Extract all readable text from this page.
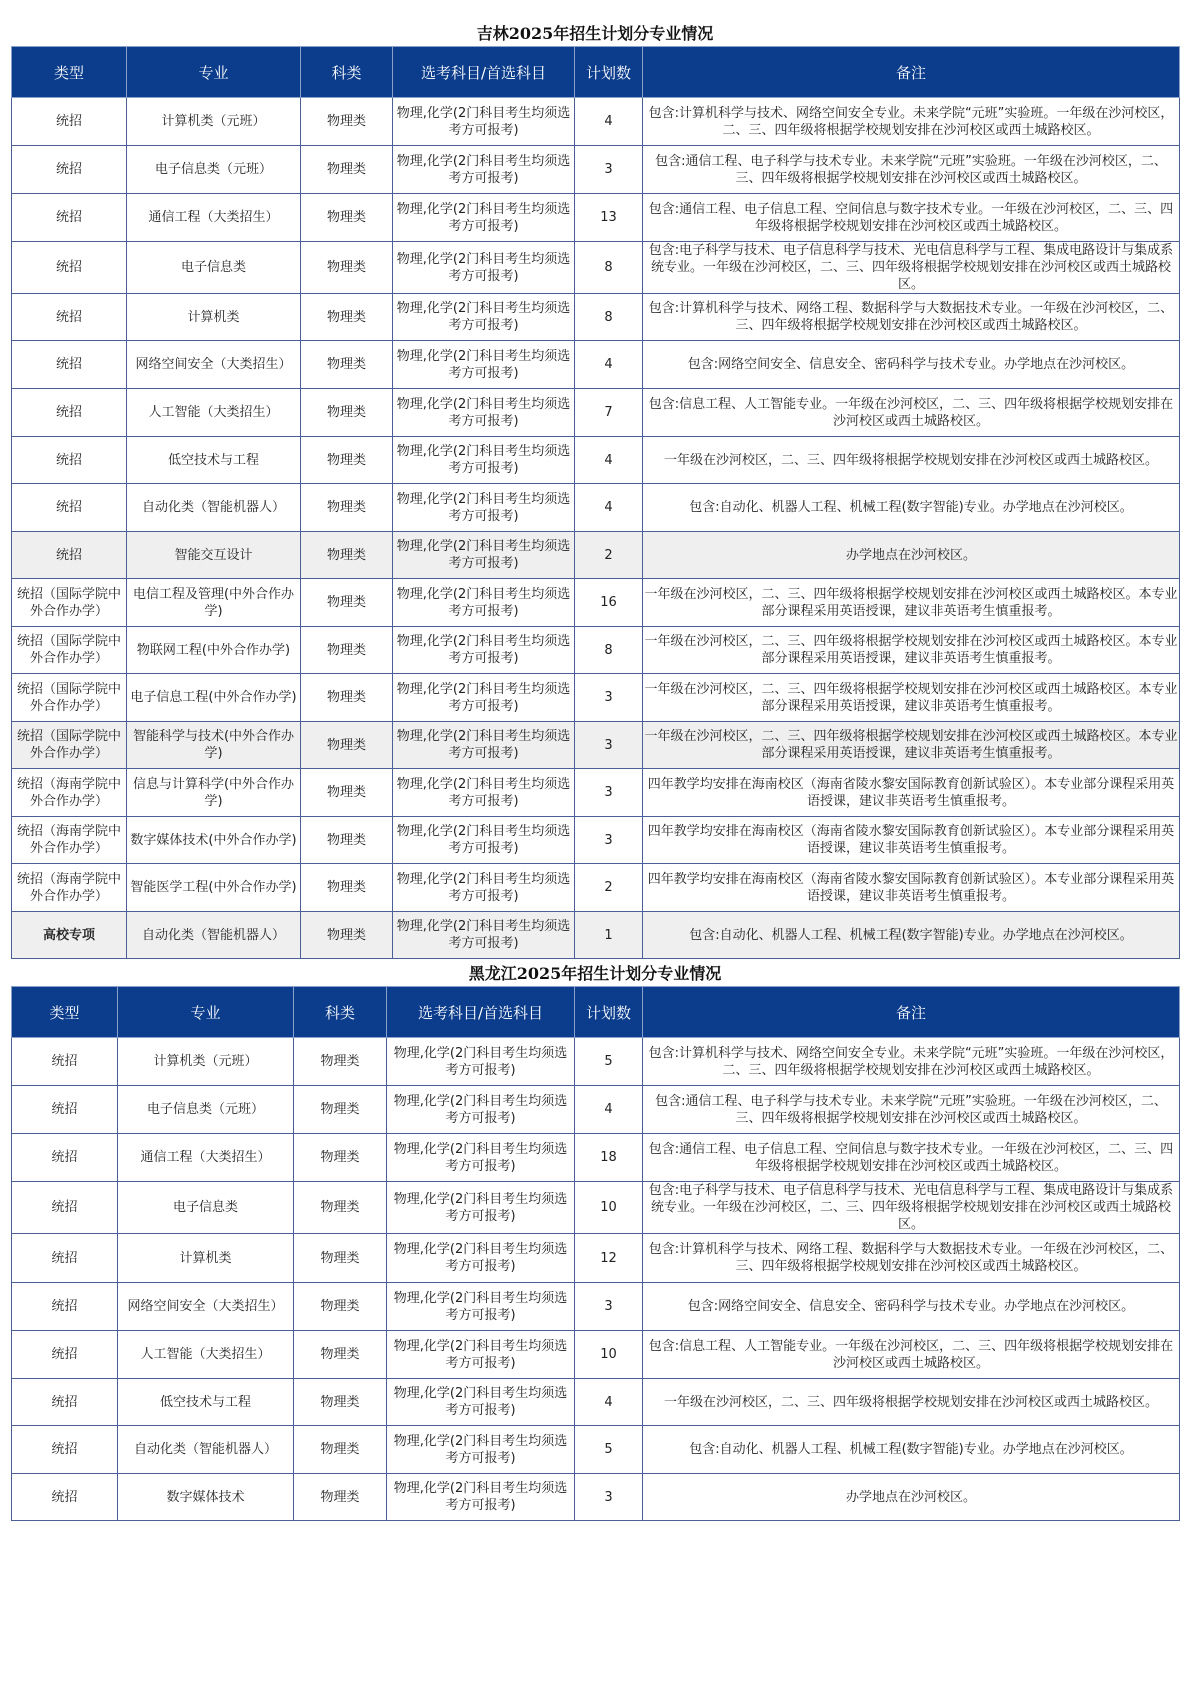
吉林2025年招生计划分专业情况
类型	专业	科类	选考科目/首选科目	计划数	备注
统招	计算机类（元班）	物理类	物理,化学(2门科目考生均须选考方可报考)	4	包含:计算机科学与技术、网络空间安全专业。未来学院“元班”实验班。一年级在沙河校区，二、三、四年级将根据学校规划安排在沙河校区或西土城路校区。
统招	电子信息类（元班）	物理类	物理,化学(2门科目考生均须选考方可报考)	3	包含:通信工程、电子科学与技术专业。未来学院“元班”实验班。一年级在沙河校区，二、三、四年级将根据学校规划安排在沙河校区或西土城路校区。
统招	通信工程（大类招生）	物理类	物理,化学(2门科目考生均须选考方可报考)	13	包含:通信工程、电子信息工程、空间信息与数字技术专业。一年级在沙河校区，二、三、四年级将根据学校规划安排在沙河校区或西土城路校区。
统招	电子信息类	物理类	物理,化学(2门科目考生均须选考方可报考)	8	包含:电子科学与技术、电子信息科学与技术、光电信息科学与工程、集成电路设计与集成系统专业。一年级在沙河校区，二、三、四年级将根据学校规划安排在沙河校区或西土城路校区。
统招	计算机类	物理类	物理,化学(2门科目考生均须选考方可报考)	8	包含:计算机科学与技术、网络工程、数据科学与大数据技术专业。一年级在沙河校区，二、三、四年级将根据学校规划安排在沙河校区或西土城路校区。
统招	网络空间安全（大类招生）	物理类	物理,化学(2门科目考生均须选考方可报考)	4	包含:网络空间安全、信息安全、密码科学与技术专业。办学地点在沙河校区。
统招	人工智能（大类招生）	物理类	物理,化学(2门科目考生均须选考方可报考)	7	包含:信息工程、人工智能专业。一年级在沙河校区，二、三、四年级将根据学校规划安排在沙河校区或西土城路校区。
统招	低空技术与工程	物理类	物理,化学(2门科目考生均须选考方可报考)	4	一年级在沙河校区，二、三、四年级将根据学校规划安排在沙河校区或西土城路校区。
统招	自动化类（智能机器人）	物理类	物理,化学(2门科目考生均须选考方可报考)	4	包含:自动化、机器人工程、机械工程(数字智能)专业。办学地点在沙河校区。
统招	智能交互设计	物理类	物理,化学(2门科目考生均须选考方可报考)	2	办学地点在沙河校区。
统招（国际学院中外合作办学）	电信工程及管理(中外合作办学)	物理类	物理,化学(2门科目考生均须选考方可报考)	16	一年级在沙河校区，二、三、四年级将根据学校规划安排在沙河校区或西土城路校区。本专业部分课程采用英语授课，建议非英语考生慎重报考。
统招（国际学院中外合作办学）	物联网工程(中外合作办学)	物理类	物理,化学(2门科目考生均须选考方可报考)	8	一年级在沙河校区，二、三、四年级将根据学校规划安排在沙河校区或西土城路校区。本专业部分课程采用英语授课，建议非英语考生慎重报考。
统招（国际学院中外合作办学）	电子信息工程(中外合作办学)	物理类	物理,化学(2门科目考生均须选考方可报考)	3	一年级在沙河校区，二、三、四年级将根据学校规划安排在沙河校区或西土城路校区。本专业部分课程采用英语授课，建议非英语考生慎重报考。
统招（国际学院中外合作办学）	智能科学与技术(中外合作办学)	物理类	物理,化学(2门科目考生均须选考方可报考)	3	一年级在沙河校区，二、三、四年级将根据学校规划安排在沙河校区或西土城路校区。本专业部分课程采用英语授课，建议非英语考生慎重报考。
统招（海南学院中外合作办学）	信息与计算科学(中外合作办学)	物理类	物理,化学(2门科目考生均须选考方可报考)	3	四年教学均安排在海南校区（海南省陵水黎安国际教育创新试验区）。本专业部分课程采用英语授课，建议非英语考生慎重报考。
统招（海南学院中外合作办学）	数字媒体技术(中外合作办学)	物理类	物理,化学(2门科目考生均须选考方可报考)	3	四年教学均安排在海南校区（海南省陵水黎安国际教育创新试验区）。本专业部分课程采用英语授课，建议非英语考生慎重报考。
统招（海南学院中外合作办学）	智能医学工程(中外合作办学)	物理类	物理,化学(2门科目考生均须选考方可报考)	2	四年教学均安排在海南校区（海南省陵水黎安国际教育创新试验区）。本专业部分课程采用英语授课，建议非英语考生慎重报考。
高校专项	自动化类（智能机器人）	物理类	物理,化学(2门科目考生均须选考方可报考)	1	包含:自动化、机器人工程、机械工程(数字智能)专业。办学地点在沙河校区。
黑龙江2025年招生计划分专业情况
类型	专业	科类	选考科目/首选科目	计划数	备注
统招	计算机类（元班）	物理类	物理,化学(2门科目考生均须选考方可报考)	5	包含:计算机科学与技术、网络空间安全专业。未来学院“元班”实验班。一年级在沙河校区，二、三、四年级将根据学校规划安排在沙河校区或西土城路校区。
统招	电子信息类（元班）	物理类	物理,化学(2门科目考生均须选考方可报考)	4	包含:通信工程、电子科学与技术专业。未来学院“元班”实验班。一年级在沙河校区，二、三、四年级将根据学校规划安排在沙河校区或西土城路校区。
统招	通信工程（大类招生）	物理类	物理,化学(2门科目考生均须选考方可报考)	18	包含:通信工程、电子信息工程、空间信息与数字技术专业。一年级在沙河校区，二、三、四年级将根据学校规划安排在沙河校区或西土城路校区。
统招	电子信息类	物理类	物理,化学(2门科目考生均须选考方可报考)	10	包含:电子科学与技术、电子信息科学与技术、光电信息科学与工程、集成电路设计与集成系统专业。一年级在沙河校区，二、三、四年级将根据学校规划安排在沙河校区或西土城路校区。
统招	计算机类	物理类	物理,化学(2门科目考生均须选考方可报考)	12	包含:计算机科学与技术、网络工程、数据科学与大数据技术专业。一年级在沙河校区，二、三、四年级将根据学校规划安排在沙河校区或西土城路校区。
统招	网络空间安全（大类招生）	物理类	物理,化学(2门科目考生均须选考方可报考)	3	包含:网络空间安全、信息安全、密码科学与技术专业。办学地点在沙河校区。
统招	人工智能（大类招生）	物理类	物理,化学(2门科目考生均须选考方可报考)	10	包含:信息工程、人工智能专业。一年级在沙河校区，二、三、四年级将根据学校规划安排在沙河校区或西土城路校区。
统招	低空技术与工程	物理类	物理,化学(2门科目考生均须选考方可报考)	4	一年级在沙河校区，二、三、四年级将根据学校规划安排在沙河校区或西土城路校区。
统招	自动化类（智能机器人）	物理类	物理,化学(2门科目考生均须选考方可报考)	5	包含:自动化、机器人工程、机械工程(数字智能)专业。办学地点在沙河校区。
统招	数字媒体技术	物理类	物理,化学(2门科目考生均须选考方可报考)	3	办学地点在沙河校区。
